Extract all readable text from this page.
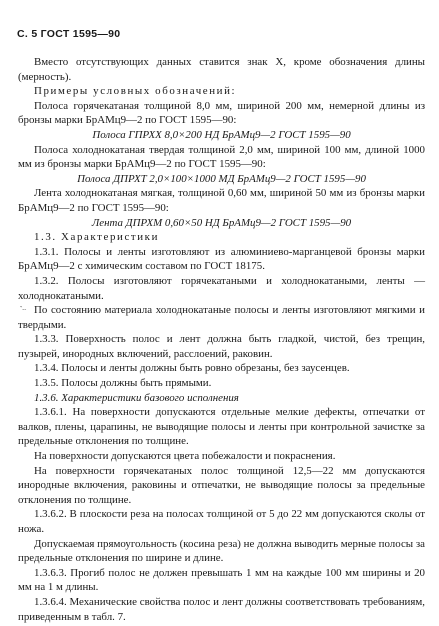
С. 5 ГОСТ 1595—90
‶‐‐

Вместо отсутствующих данных ставится знак X, кроме обозначения длины (мерность).

Примеры условных обозначений:

Полоса горячекатаная толщиной 8,0 мм, шириной 200 мм, немерной длины из бронзы марки БрАМц9—2 по ГОСТ 1595—90:

Полоса ГПРХХ 8,0×200 НД БрАМц9—2 ГОСТ 1595—90

Полоса холоднокатаная твердая толщиной 2,0 мм, шириной 100 мм, длиной 1000 мм из бронзы марки БрАМц9—2 по ГОСТ 1595—90:

Полоса ДПРХТ 2,0×100×1000 МД БрАМц9—2 ГОСТ 1595—90

Лента холоднокатаная мягкая, толщиной 0,60 мм, шириной 50 мм из бронзы марки БрАМц9—2 по ГОСТ 1595—90:

Лента ДПРХМ 0,60×50 НД БрАМц9—2 ГОСТ 1595—90

1.3. Характеристики

1.3.1. Полосы и ленты изготовляют из алюминиево-марганцевой бронзы марки БрАМц9—2 с химическим составом по ГОСТ 18175.

1.3.2. Полосы изготовляют горячекатаными и холоднокатаными, ленты — холоднокатаными.

По состоянию материала холоднокатаные полосы и ленты изготовляют мягкими и твердыми.

1.3.3. Поверхность полос и лент должна быть гладкой, чистой, без трещин, пузырей, инородных включений, расслоений, раковин.

1.3.4. Полосы и ленты должны быть ровно обрезаны, без заусенцев.

1.3.5. Полосы должны быть прямыми.

1.3.6. Характеристики базового исполнения

1.3.6.1. На поверхности допускаются отдельные мелкие дефекты, отпечатки от валков, плены, царапины, не выводящие полосы и ленты при контрольной зачистке за предельные отклонения по толщине.

На поверхности допускаются цвета побежалости и покраснения.

На поверхности горячекатаных полос толщиной 12,5—22 мм допускаются инородные включения, раковины и отпечатки, не выводящие полосы за предельные отклонения по толщине.

1.3.6.2. В плоскости реза на полосах толщиной от 5 до 22 мм допускаются сколы от ножа.

Допускаемая прямоугольность (косина реза) не должна выводить мерные полосы за предельные отклонения по ширине и длине.

1.3.6.3. Прогиб полос не должен превышать 1 мм на каждые 100 мм ширины и 20 мм на 1 м длины.

1.3.6.4. Механические свойства полос и лент должны соответствовать требованиям, приведенным в табл. 7.
